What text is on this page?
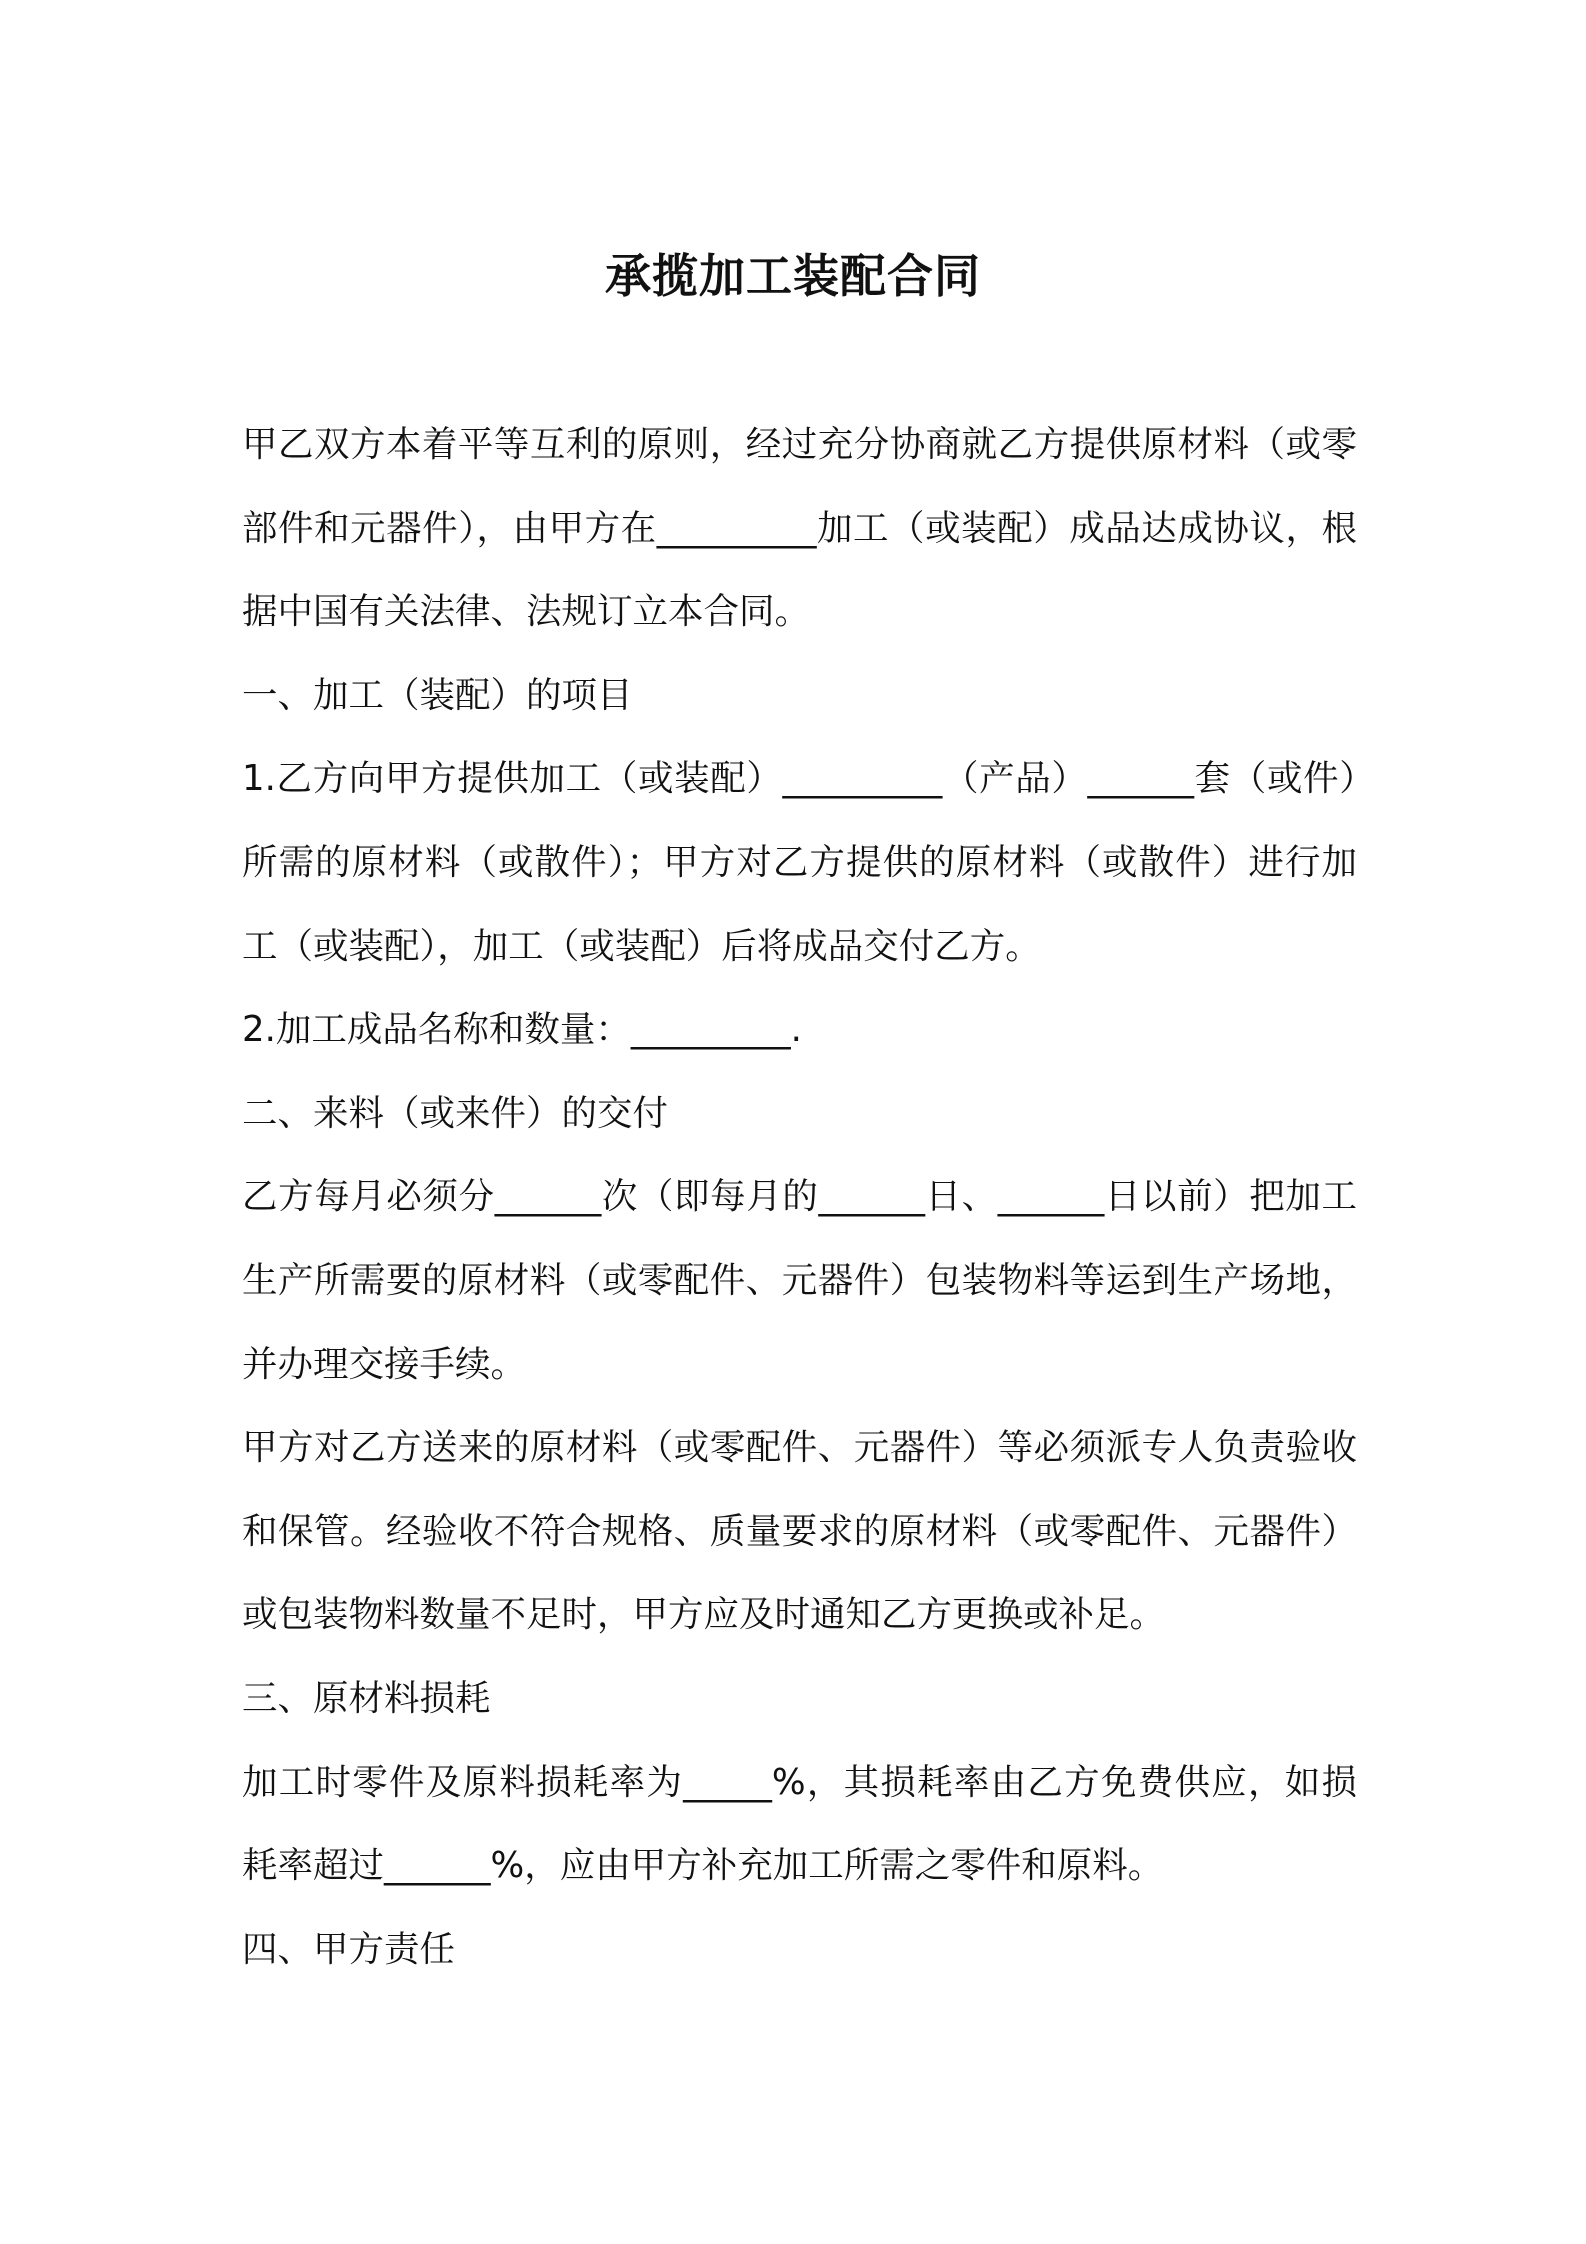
承揽加工装配合同

甲乙双方本着平等互利的原则，经过充分协商就乙方提供原材料（或零部件和元器件），由甲方在_________加工（或装配）成品达成协议，根据中国有关法律、法规订立本合同。

一、加工（装配）的项目

1.乙方向甲方提供加工（或装配）_________（产品）______套（或件）所需的原材料（或散件）；甲方对乙方提供的原材料（或散件）进行加工（或装配），加工（或装配）后将成品交付乙方。

2.加工成品名称和数量：_________.

二、来料（或来件）的交付

乙方每月必须分______次（即每月的______日、______日以前）把加工生产所需要的原材料（或零配件、元器件）包装物料等运到生产场地，并办理交接手续。

甲方对乙方送来的原材料（或零配件、元器件）等必须派专人负责验收和保管。经验收不符合规格、质量要求的原材料（或零配件、元器件）或包装物料数量不足时，甲方应及时通知乙方更换或补足。

三、原材料损耗

加工时零件及原料损耗率为_____%，其损耗率由乙方免费供应，如损耗率超过______%，应由甲方补充加工所需之零件和原料。

四、甲方责任
